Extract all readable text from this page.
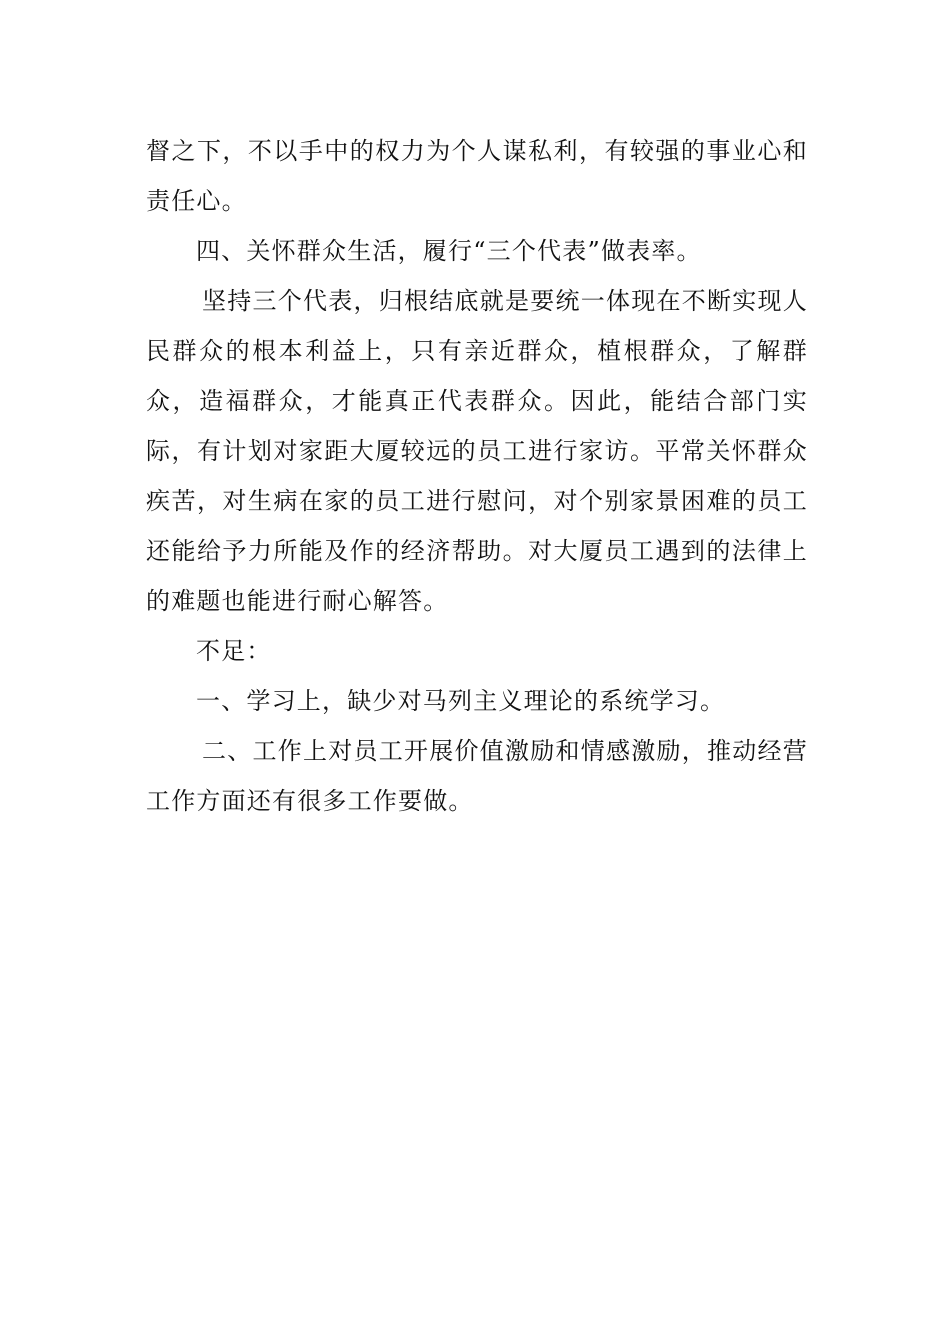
督之下，不以手中的权力为个人谋私利，有较强的事业心和责任心。

四、关怀群众生活，履行“三个代表”做表率。

坚持三个代表，归根结底就是要统一体现在不断实现人民群众的根本利益上，只有亲近群众，植根群众，了解群众，造福群众，才能真正代表群众。因此，能结合部门实际，有计划对家距大厦较远的员工进行家访。平常关怀群众疾苦，对生病在家的员工进行慰问，对个别家景困难的员工还能给予力所能及作的经济帮助。对大厦员工遇到的法律上的难题也能进行耐心解答。

不足：

一、学习上，缺少对马列主义理论的系统学习。

二、工作上对员工开展价值激励和情感激励，推动经营工作方面还有很多工作要做。
